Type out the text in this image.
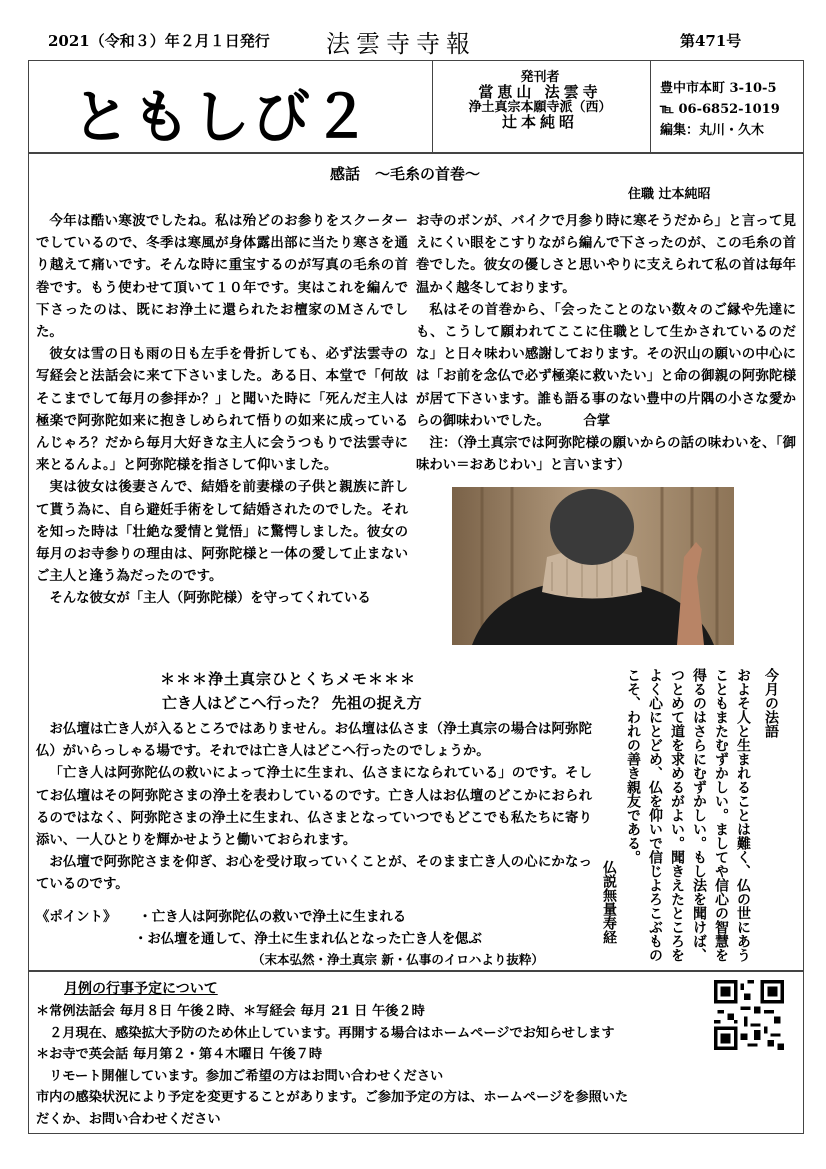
2021（令和３）年２月１日発行 法雲寺寺報	第471号
ともしび２
発刊者
當恵山 法雲寺
浄土真宗本願寺派（西）
辻本純昭
豊中市本町 3-10-5
℡ 06-6852-1019
編集：丸川・久木
感話　～毛糸の首巻～
住職 辻本純昭

今年は酷い寒波でしたね。私は殆どのお参りをスクーターでしているので、冬季は寒風が身体露出部に当たり寒さを通り越えて痛いです。そんな時に重宝するのが写真の毛糸の首巻です。もう使わせて頂いて１０年です。実はこれを編んで下さったのは、既にお浄土に還られたお檀家のＭさんでした。

彼女は雪の日も雨の日も左手を骨折しても、必ず法雲寺の写経会と法話会に来て下さいました。ある日、本堂で「何故そこまでして毎月の参拝か？」と聞いた時に「死んだ主人は極楽で阿弥陀如来に抱きしめられて悟りの如来に成っているんじゃろ？だから毎月大好きな主人に会うつもりで法雲寺に来とるんよ。」と阿弥陀様を指さして仰いました。

実は彼女は後妻さんで、結婚を前妻様の子供と親族に許して貰う為に、自ら避妊手術をして結婚されたのでした。それを知った時は「壮絶な愛情と覚悟」に驚愕しました。彼女の毎月のお寺参りの理由は、阿弥陀様と一体の愛して止まないご主人と逢う為だったのです。

そんな彼女が「主人（阿弥陀様）を守ってくれている

お寺のボンが、バイクで月参り時に寒そうだから」と言って見えにくい眼をこすりながら編んで下さったのが、この毛糸の首巻でした。彼女の優しさと思いやりに支えられて私の首は毎年温かく越冬しております。

私はその首巻から、「会ったことのない数々のご縁や先達にも、こうして願われてここに住職として生かされているのだな」と日々味わい感謝しております。その沢山の願いの中心には「お前を念仏で必ず極楽に救いたい」と命の御親の阿弥陀様が居て下さいます。誰も語る事のない豊中の片隅の小さな愛からの御味わいでした。　　　合掌

注：（浄土真宗では阿弥陀様の願いからの話の味わいを、「御味わい＝おあじわい」と言います）

＊＊＊浄土真宗ひとくちメモ＊＊＊
亡き人はどこへ行った？ 先祖の捉え方

お仏壇は亡き人が入るところではありません。お仏壇は仏さま（浄土真宗の場合は阿弥陀仏）がいらっしゃる場です。それでは亡き人はどこへ行ったのでしょうか。

「亡き人は阿弥陀仏の救いによって浄土に生まれ、仏さまになられている」のです。そしてお仏壇はその阿弥陀さまの浄土を表わしているのです。亡き人はお仏壇のどこかにおられるのではなく、阿弥陀さまの浄土に生まれ、仏さまとなっていつでもどこでも私たちに寄り添い、一人ひとりを輝かせようと働いておられます。

お仏壇で阿弥陀さまを仰ぎ、お心を受け取っていくことが、そのまま亡き人の心にかなっているのです。

《ポイント》 ・亡き人は阿弥陀仏の救いで浄土に生まれる
・お仏壇を通して、浄土に生まれ仏となった亡き人を偲ぶ
（末本弘然・浄土真宗 新・仏事のイロハより抜粋）
今月の法語
およそ人と生まれることは難く、仏の世にあうこともまたむずかしい。ましてや信心の智慧を得るのはさらにむずかしい。もし法を聞けば、つとめて道を求めるがよい。聞きえたところをよく心にとどめ、仏を仰いで信じよろこぶものこそ、われの善き親友である。
仏説無量寿経
月例の行事予定について
＊常例法話会 毎月８日 午後２時、＊写経会 毎月 21 日 午後２時
　２月現在、感染拡大予防のため休止しています。再開する場合はホームページでお知らせします
＊お寺で英会話 毎月第２・第４木曜日 午後７時
　リモート開催しています。参加ご希望の方はお問い合わせください
市内の感染状況により予定を変更することがあります。ご参加予定の方は、ホームページを参照いた
だくか、お問い合わせください
